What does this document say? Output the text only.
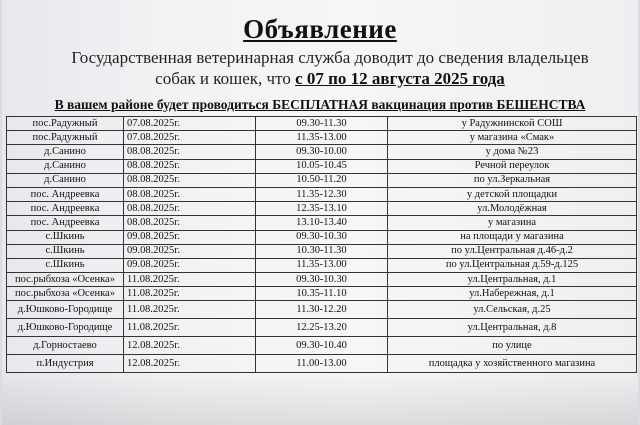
Объявление
Государственная ветеринарная служба доводит до сведения владельцев собак и кошек, что с 07 по 12 августа 2025 года
В вашем районе будет проводиться БЕСПЛАТНАЯ вакцинация против БЕШЕНСТВА
пос.Радужный	07.08.2025г.	09.30-11.30	у Радужнинской СОШ
пос.Радужный	07.08.2025г.	11.35-13.00	у магазина «Смак»
д.Санино	08.08.2025г.	09.30-10.00	у дома №23
д.Санино	08.08.2025г.	10.05-10.45	Речной переулок
д.Санино	08.08.2025г.	10.50-11.20	по ул.Зеркальная
пос. Андреевка	08.08.2025г.	11.35-12.30	у детской площадки
пос. Андреевка	08.08.2025г.	12.35-13.10	ул.Молодёжная
пос. Андреевка	08.08.2025г.	13.10-13.40	у магазина
с.Шкинь	09.08.2025г.	09.30-10.30	на площади у магазина
с.Шкинь	09.08.2025г.	10.30-11.30	по ул.Центральная д.46-д.2
с.Шкинь	09.08.2025г.	11.35-13.00	по ул.Центральная д.59-д.125
пос.рыбхоза «Осенка»	11.08.2025г.	09.30-10.30	ул.Центральная, д.1
пос.рыбхоза «Осенка»	11.08.2025г.	10.35-11.10	ул.Набережная, д.1
д.Юшково-Городище	11.08.2025г.	11.30-12.20	ул.Сельская, д.25
д.Юшково-Городище	11.08.2025г.	12.25-13.20	ул.Центральная, д.8
д.Горностаево	12.08.2025г.	09.30-10.40	по улице
п.Индустрия	12.08.2025г.	11.00-13.00	площадка у хозяйственного магазина
